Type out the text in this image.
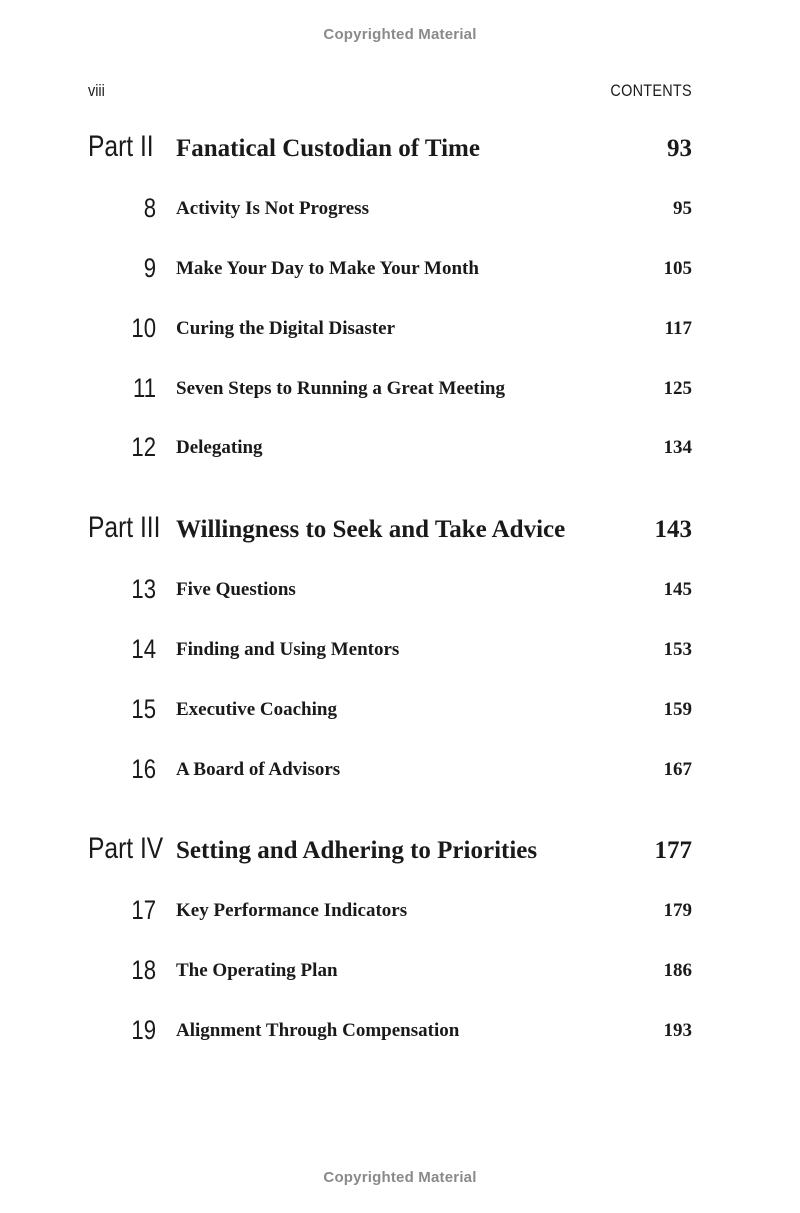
Copyrighted Material
viii	CONTENTS
Part II Fanatical Custodian of Time	93
8 Activity Is Not Progress	95
9 Make Your Day to Make Your Month	105
10 Curing the Digital Disaster	117
11 Seven Steps to Running a Great Meeting	125
12 Delegating	134
Part III Willingness to Seek and Take Advice	143
13 Five Questions	145
14 Finding and Using Mentors	153
15 Executive Coaching	159
16 A Board of Advisors	167
Part IV Setting and Adhering to Priorities	177
17 Key Performance Indicators	179
18 The Operating Plan	186
19 Alignment Through Compensation	193
Copyrighted Material
